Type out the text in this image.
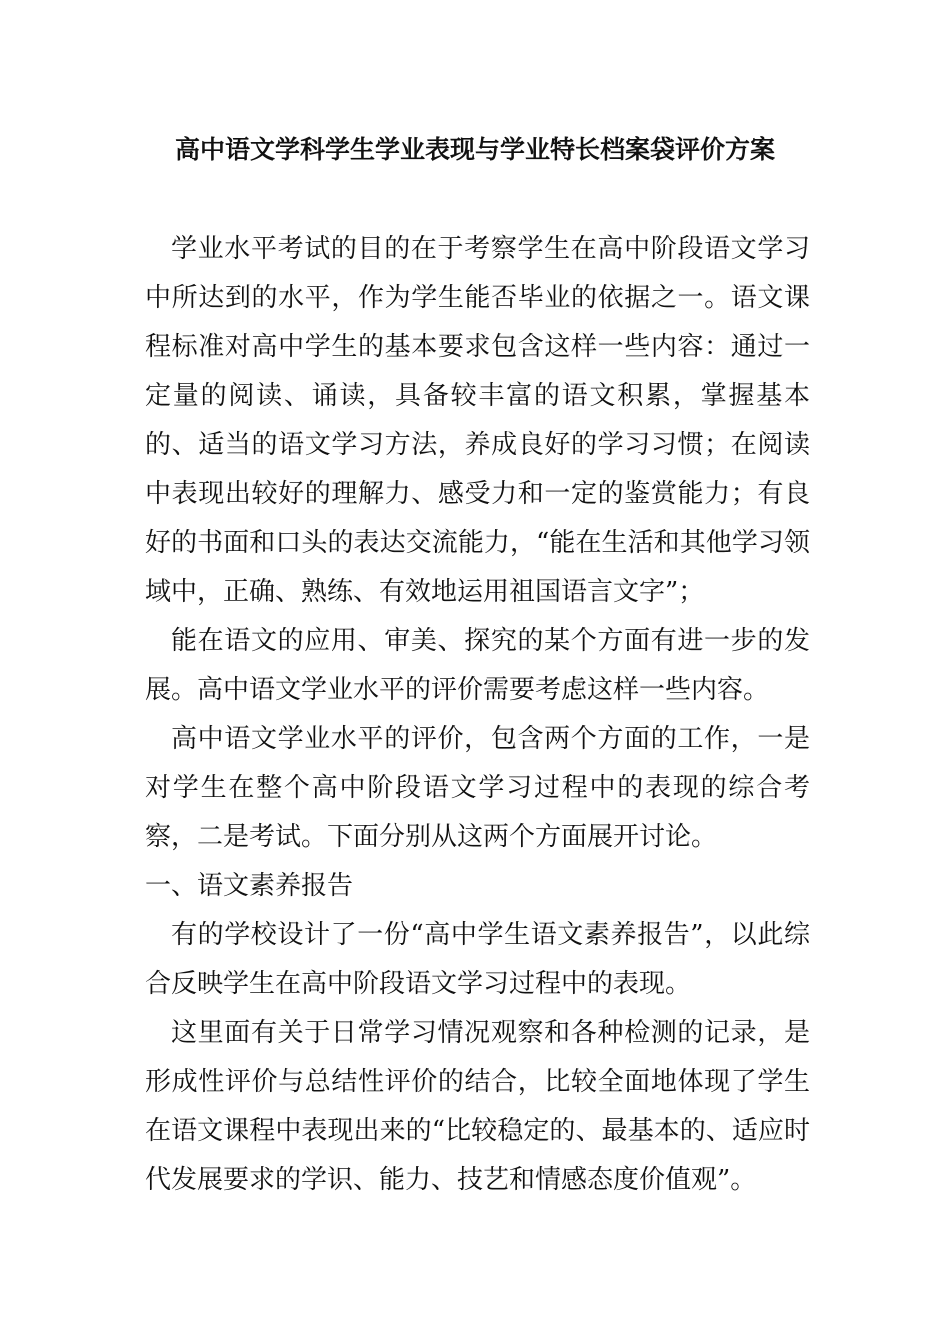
高中语文学科学生学业表现与学业特长档案袋评价方案

学业水平考试的目的在于考察学生在高中阶段语文学习中所达到的水平，作为学生能否毕业的依据之一。语文课程标准对高中学生的基本要求包含这样一些内容：通过一定量的阅读、诵读，具备较丰富的语文积累，掌握基本的、适当的语文学习方法，养成良好的学习习惯；在阅读中表现出较好的理解力、感受力和一定的鉴赏能力；有良好的书面和口头的表达交流能力，“能在生活和其他学习领域中，正确、熟练、有效地运用祖国语言文字”；

能在语文的应用、审美、探究的某个方面有进一步的发展。高中语文学业水平的评价需要考虑这样一些内容。

高中语文学业水平的评价，包含两个方面的工作，一是对学生在整个高中阶段语文学习过程中的表现的综合考察，二是考试。下面分别从这两个方面展开讨论。

一、语文素养报告

有的学校设计了一份“高中学生语文素养报告”，以此综合反映学生在高中阶段语文学习过程中的表现。

这里面有关于日常学习情况观察和各种检测的记录，是形成性评价与总结性评价的结合，比较全面地体现了学生在语文课程中表现出来的“比较稳定的、最基本的、适应时代发展要求的学识、能力、技艺和情感态度价值观”。
